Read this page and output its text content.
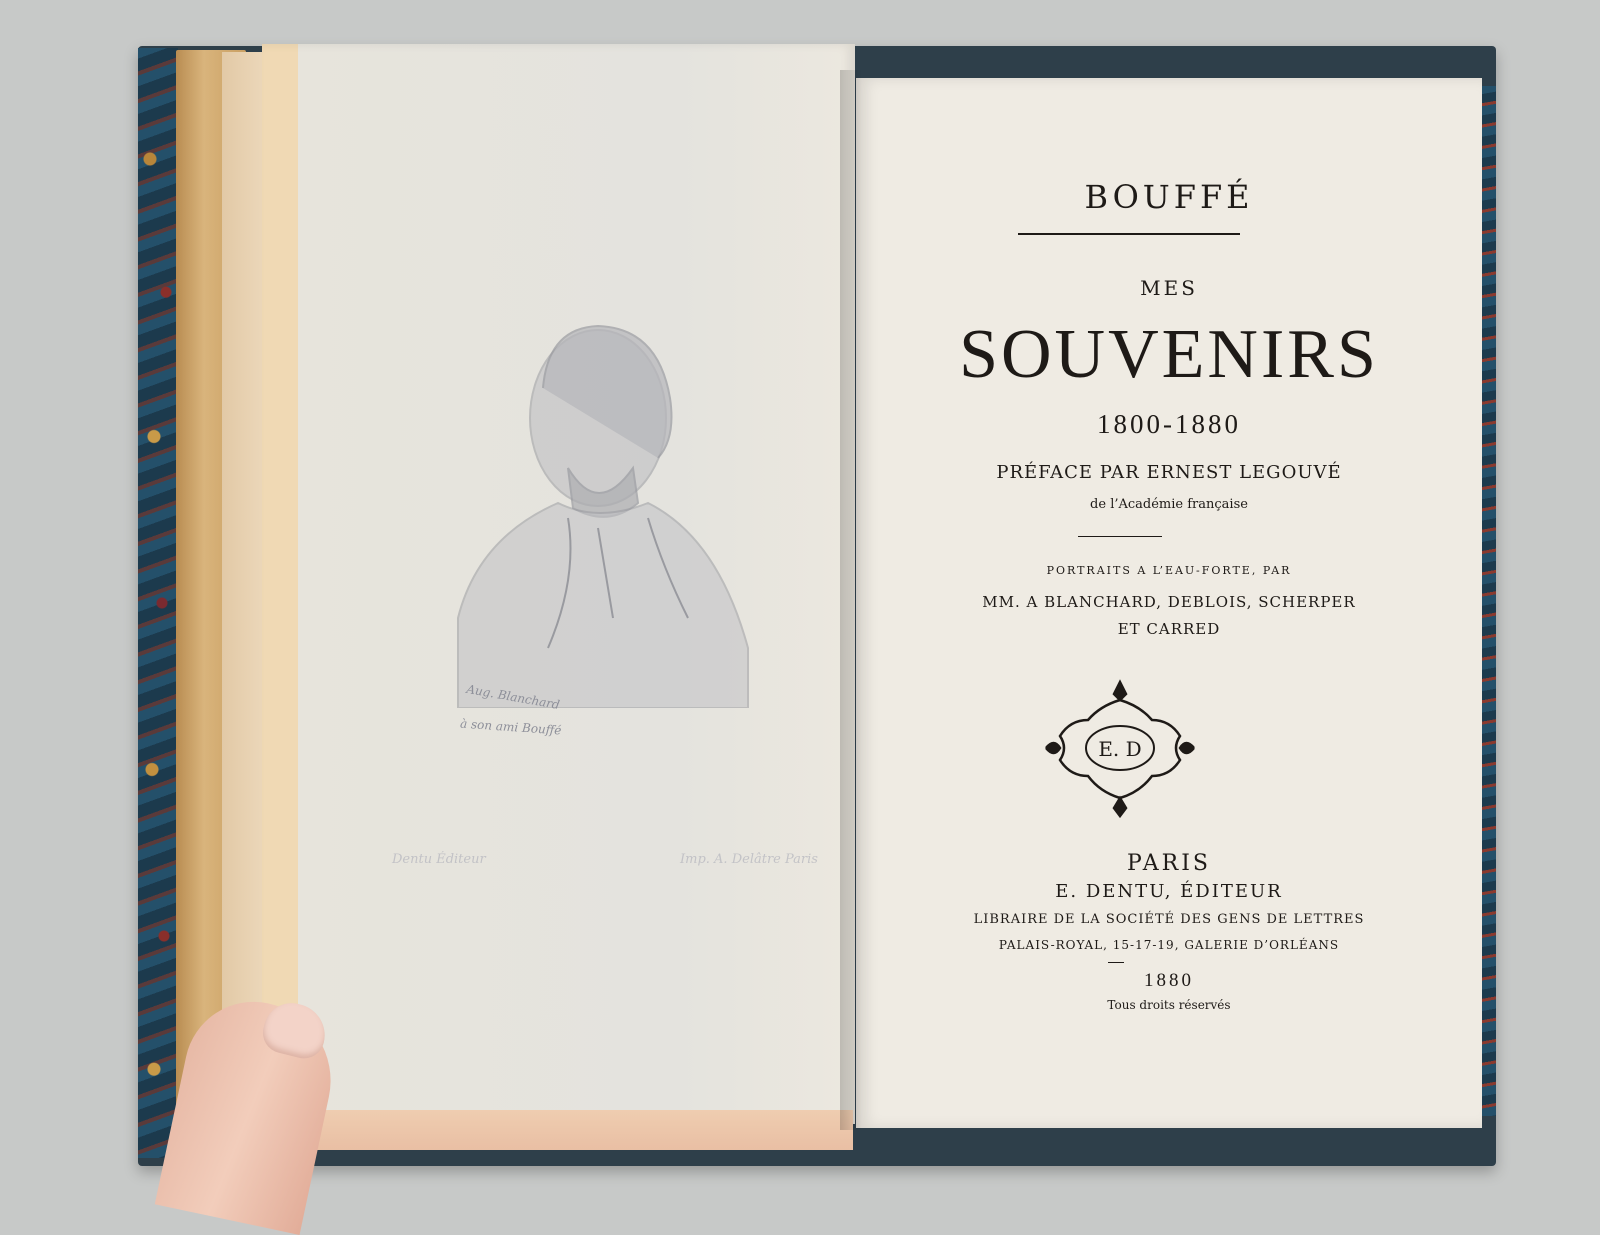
Aug. Blanchard
à son ami Bouffé
Dentu Éditeur	Imp. A. Delâtre Paris
BOUFFÉ
MES
SOUVENIRS
1800-1880
PRÉFACE PAR ERNEST LEGOUVÉ
de l’Académie française
PORTRAITS A L’EAU-FORTE, PAR
MM. A BLANCHARD, DEBLOIS, SCHERPER
ET CARRED
E. D
PARIS
E. DENTU, ÉDITEUR
LIBRAIRE DE LA SOCIÉTÉ DES GENS DE LETTRES
PALAIS-ROYAL, 15-17-19, GALERIE D’ORLÉANS
1880
Tous droits réservés
